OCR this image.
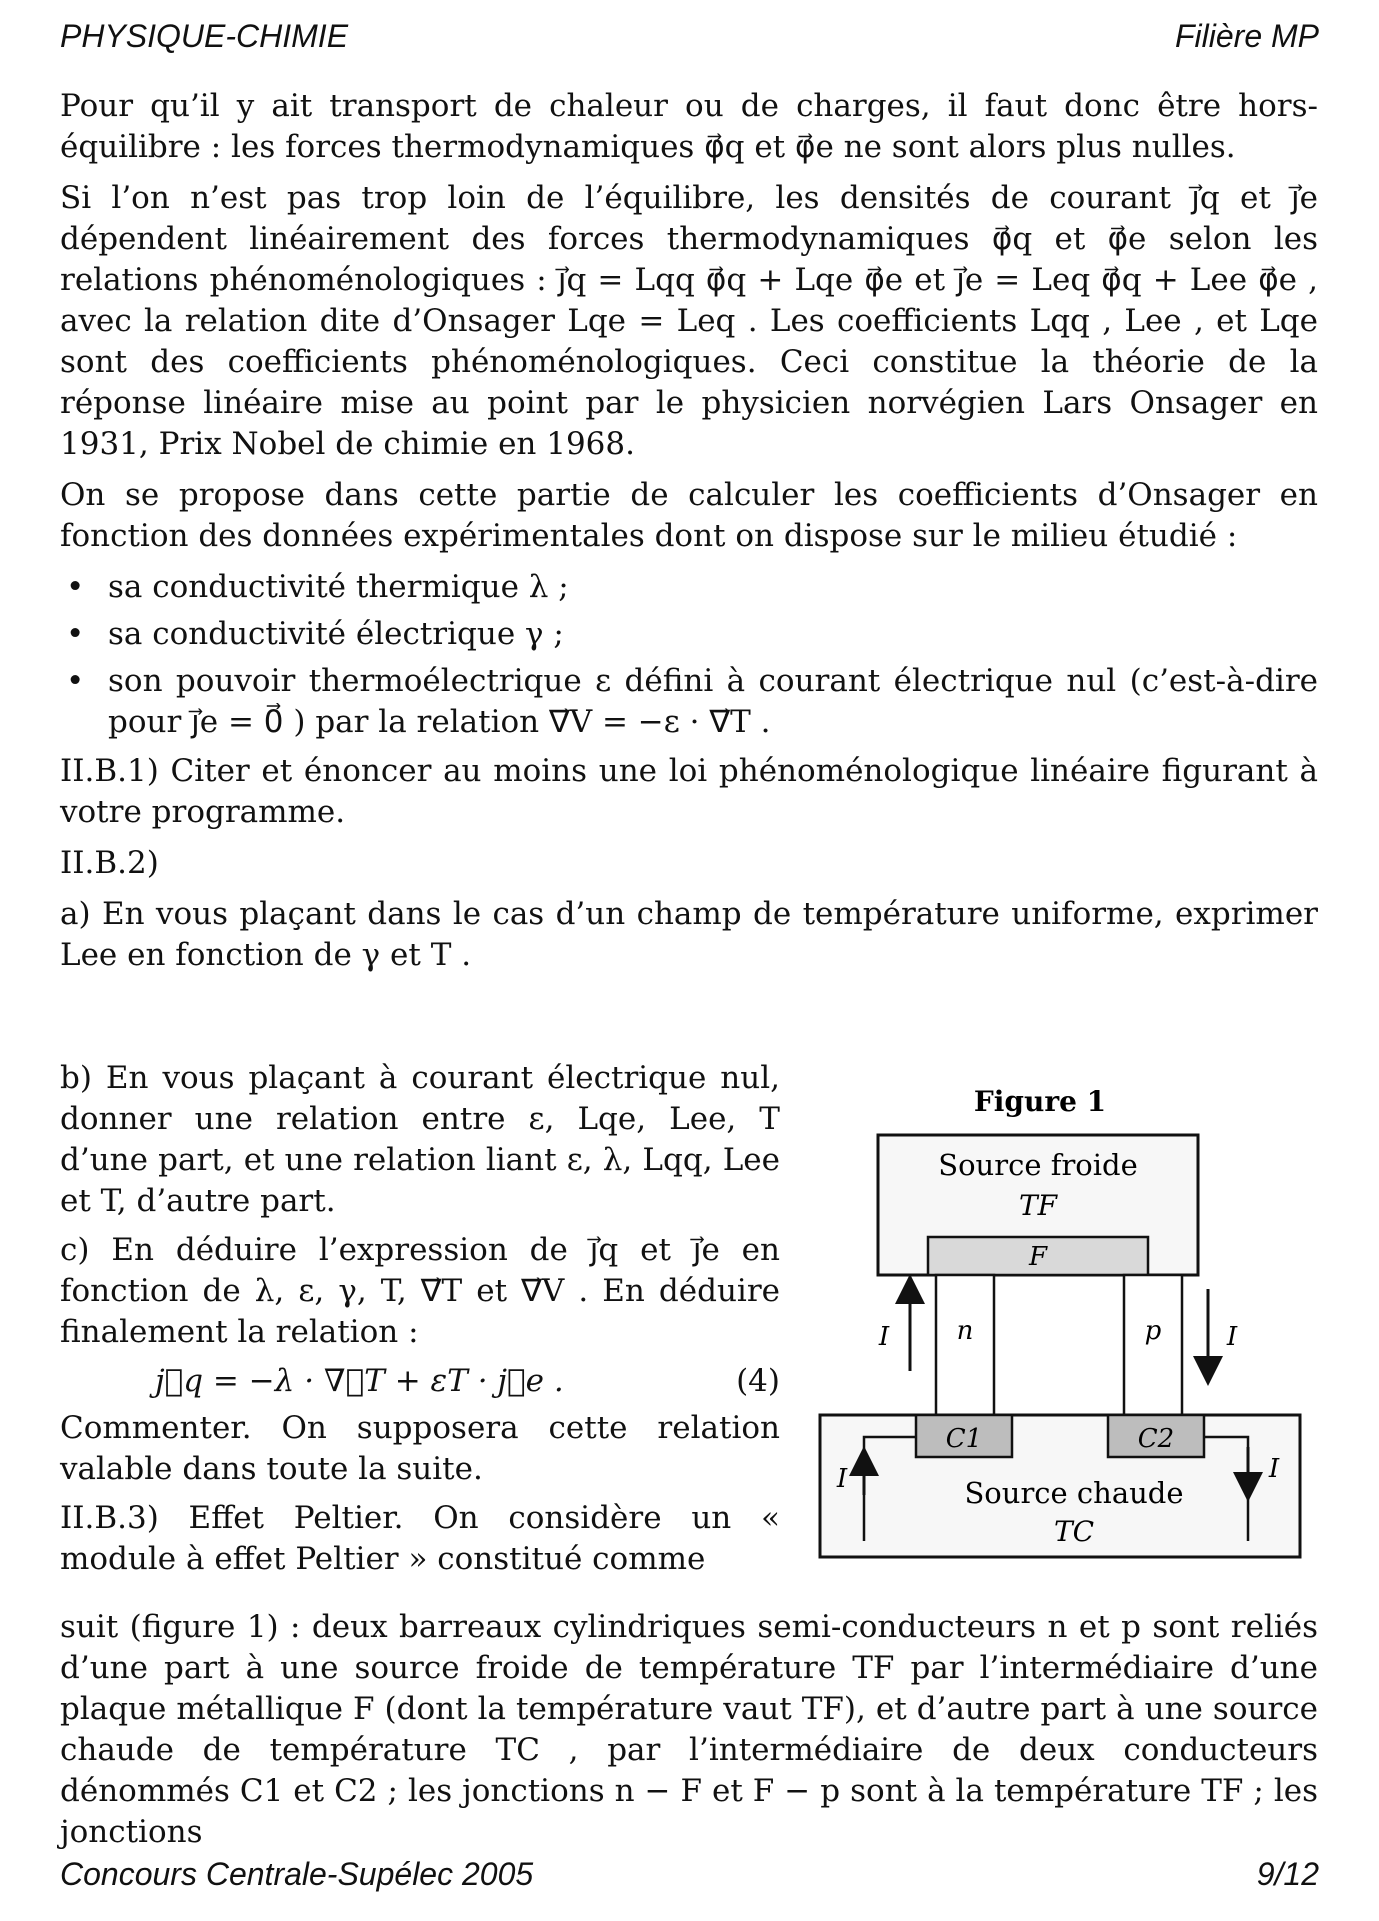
PHYSIQUE-CHIMIE	Filière MP

Pour qu’il y ait transport de chaleur ou de charges, il faut donc être hors-équilibre : les forces thermodynamiques φ⃗q et φ⃗e ne sont alors plus nulles.

Si l’on n’est pas trop loin de l’équilibre, les densités de courant j⃗q et j⃗e dépendent linéairement des forces thermodynamiques φ⃗q et φ⃗e selon les relations phénoménologiques : j⃗q = Lqq φ⃗q + Lqe φ⃗e et j⃗e = Leq φ⃗q + Lee φ⃗e , avec la relation dite d’Onsager Lqe = Leq . Les coefficients Lqq , Lee , et Lqe sont des coefficients phénoménologiques. Ceci constitue la théorie de la réponse linéaire mise au point par le physicien norvégien Lars Onsager en 1931, Prix Nobel de chimie en 1968.

On se propose dans cette partie de calculer les coefficients d’Onsager en fonction des données expérimentales dont on dispose sur le milieu étudié :

• sa conductivité thermique λ ;
• sa conductivité électrique γ ;
• son pouvoir thermoélectrique ε défini à courant électrique nul (c’est-à-dire pour j⃗e = 0⃗ ) par la relation ∇⃗V = −ε · ∇⃗T .

II.B.1) Citer et énoncer au moins une loi phénoménologique linéaire figurant à votre programme.

II.B.2)

a) En vous plaçant dans le cas d’un champ de température uniforme, exprimer Lee en fonction de γ et T .

b) En vous plaçant à courant électrique nul, donner une relation entre ε, Lqe, Lee, T d’une part, et une relation liant ε, λ, Lqq, Lee et T, d’autre part.

c) En déduire l’expression de j⃗q et j⃗e en fonction de λ, ε, γ, T, ∇⃗T et ∇⃗V . En déduire finalement la relation :

j⃗q = −λ · ∇⃗T + εT · j⃗e .	(4)

Commenter. On supposera cette relation valable dans toute la suite.

II.B.3) Effet Peltier. On considère un « module à effet Peltier » constitué comme

suit (figure 1) : deux barreaux cylindriques semi-conducteurs n et p sont reliés d’une part à une source froide de température TF par l’intermédiaire d’une plaque métallique F (dont la température vaut TF), et d’autre part à une source chaude de température TC , par l’intermédiaire de deux conducteurs dénommés C1 et C2 ; les jonctions n − F et F − p sont à la température TF ; les jonctions

Figure 1
Source froide
TF
F
n	p
I	I
C1	C2
Source chaude
TC
I	I
Concours Centrale-Supélec 2005	9/12
